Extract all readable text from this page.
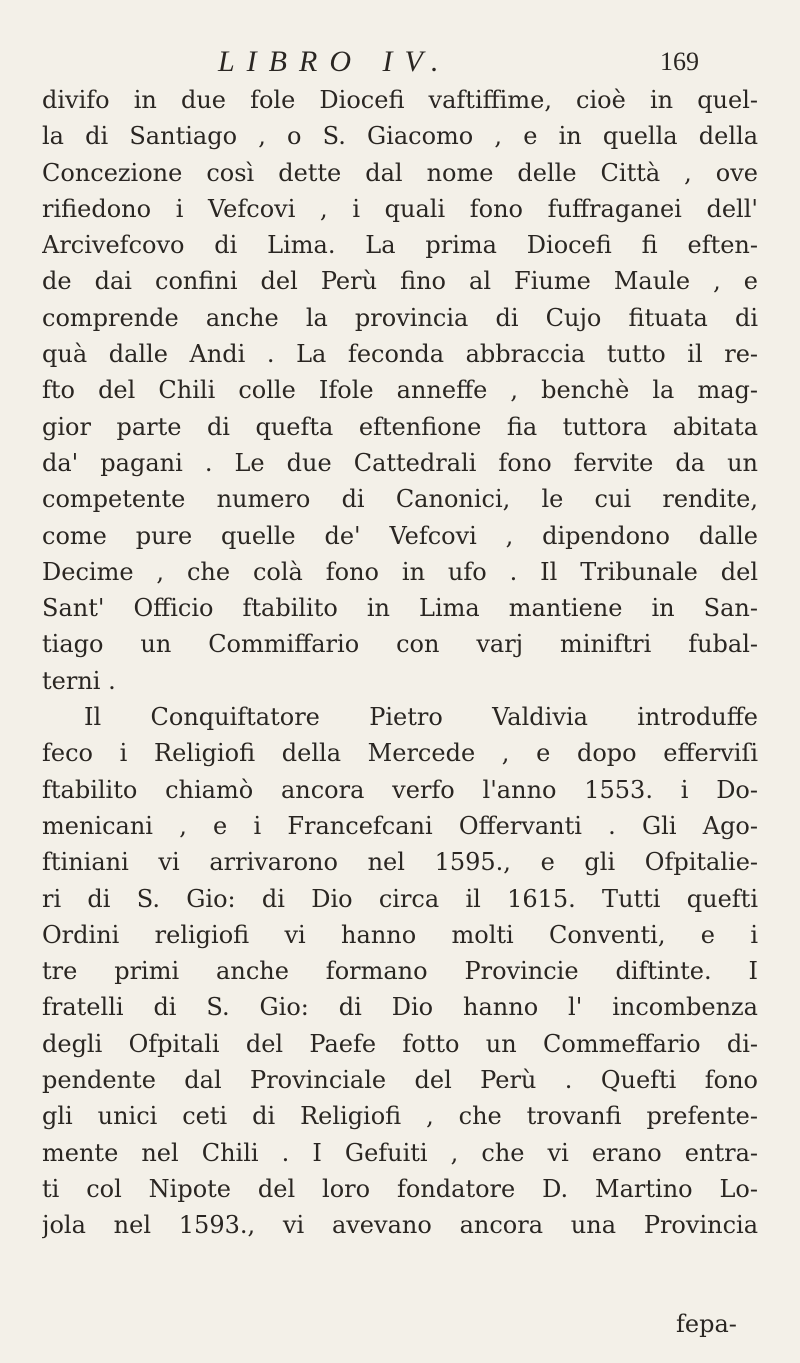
LIBRO IV.	169
divifo in due fole Diocefi vaftiffime, cioè in quel-
la di Santiago , o S. Giacomo , e in quella della
Concezione così dette dal nome delle Città , ove
rifiedono i Vefcovi , i quali fono fuffraganei dell'
Arcivefcovo di Lima. La prima Diocefi fi eften-
de dai confini del Perù fino al Fiume Maule , e
comprende anche la provincia di Cujo fituata di
quà dalle Andi . La feconda abbraccia tutto il re-
fto del Chili colle Ifole anneffe , benchè la mag-
gior parte di quefta eftenfione fia tuttora abitata
da' pagani . Le due Cattedrali fono fervite da un
competente numero di Canonici, le cui rendite,
come pure quelle de' Vefcovi , dipendono dalle
Decime , che colà fono in ufo . Il Tribunale del
Sant' Officio ftabilito in Lima mantiene in San-
tiago un Commiffario con varj miniftri fubal-
terni .
Il Conquiftatore Pietro Valdivia introduffe
feco i Religiofi della Mercede , e dopo efferviſi
ftabilito chiamò ancora verfo l'anno 1553. i Do-
menicani , e i Francefcani Offervanti . Gli Ago-
ftiniani vi arrivarono nel 1595., e gli Ofpitalie-
ri di S. Gio: di Dio circa il 1615. Tutti quefti
Ordini religiofi vi hanno molti Conventi, e i
tre primi anche formano Provincie diftinte. I
fratelli di S. Gio: di Dio hanno l' incombenza
degli Ofpitali del Paefe fotto un Commeffario di-
pendente dal Provinciale del Perù . Quefti fono
gli unici ceti di Religiofi , che trovanfi prefente-
mente nel Chili . I Gefuiti , che vi erano entra-
ti col Nipote del loro fondatore D. Martino Lo-
jola nel 1593., vi avevano ancora una Provincia
fepa-
